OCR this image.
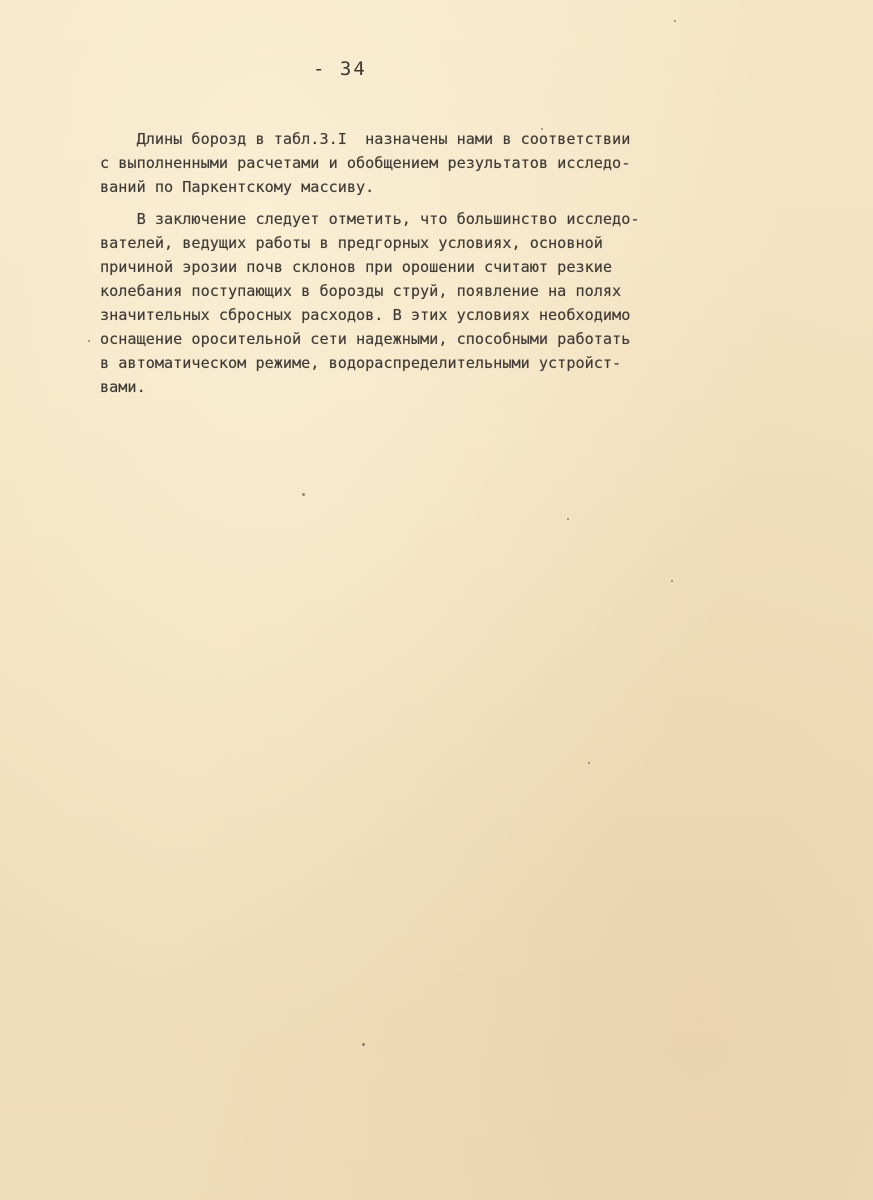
- 34
Длины борозд в табл.3.I  назначены нами в соответствии
с выполненными расчетами и обобщением результатов исследо-
ваний по Паркентскому массиву.
В заключение следует отметить, что большинство исследо-
вателей, ведущих работы в предгорных условиях, основной
причиной эрозии почв склонов при орошении считают резкие
колебания поступающих в борозды струй, появление на полях
значительных сбросных расходов. В этих условиях необходимо
оснащение оросительной сети надежными, способными работать
в автоматическом режиме, водораспределительными устройст-
вами.
